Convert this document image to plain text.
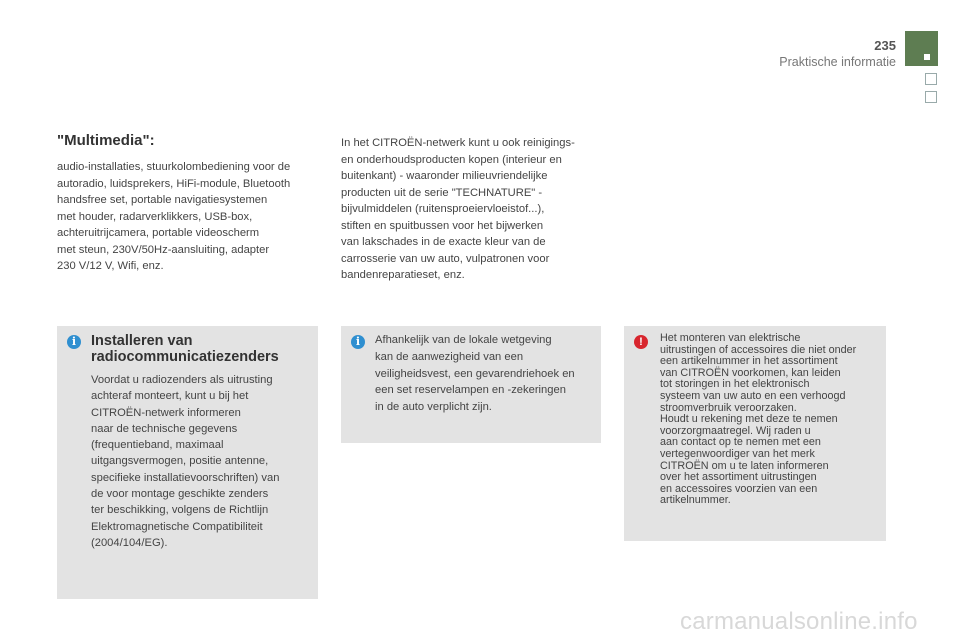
235
Praktische informatie
"Multimedia":

audio-installaties, stuurkolombediening voor de
autoradio, luidsprekers, HiFi-module, Bluetooth
handsfree set, portable navigatiesystemen
met houder, radarverklikkers, USB-box,
achteruitrijcamera, portable videoscherm
met steun, 230V/50Hz-aansluiting, adapter
230 V/12 V, Wifi, enz.

In het CITROËN-netwerk kunt u ook reinigings-
en onderhoudsproducten kopen (interieur en
buitenkant) - waaronder milieuvriendelijke
producten uit de serie "TECHNATURE" -
bijvulmiddelen (ruitensproeiervloeistof...),
stiften en spuitbussen voor het bijwerken
van lakschades in de exacte kleur van de
carrosserie van uw auto, vulpatronen voor
bandenreparatieset, enz.

i	Installeren van
radiocommunicatiezenders

Voordat u radiozenders als uitrusting
achteraf monteert, kunt u bij het
CITROËN-netwerk informeren
naar de technische gegevens
(frequentieband, maximaal
uitgangsvermogen, positie antenne,
specifieke installatievoorschriften) van
de voor montage geschikte zenders
ter beschikking, volgens de Richtlijn
Elektromagnetische Compatibiliteit
(2004/104/EG).

i	Afhankelijk van de lokale wetgeving
kan de aanwezigheid van een
veiligheidsvest, een gevarendriehoek en
een set reservelampen en -zekeringen
in de auto verplicht zijn.

!	Het monteren van elektrische
uitrustingen of accessoires die niet onder
een artikelnummer in het assortiment
van CITROËN voorkomen, kan leiden
tot storingen in het elektronisch
systeem van uw auto en een verhoogd
stroomverbruik veroorzaken.
Houdt u rekening met deze te nemen
voorzorgmaatregel. Wij raden u
aan contact op te nemen met een
vertegenwoordiger van het merk
CITROËN om u te laten informeren
over het assortiment uitrustingen
en accessoires voorzien van een
artikelnummer.

carmanualsonline.info
